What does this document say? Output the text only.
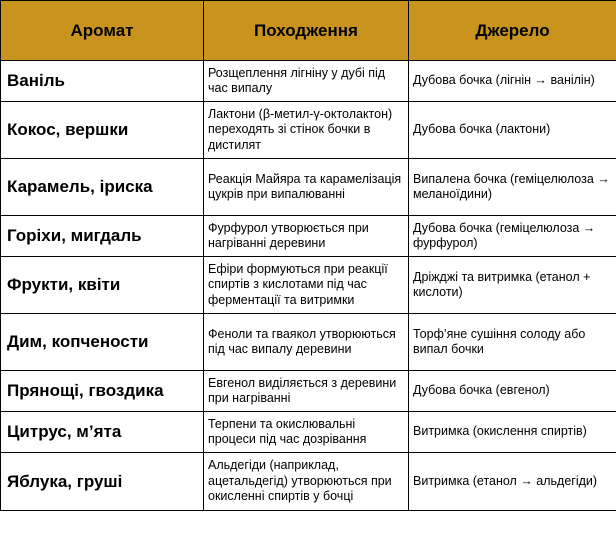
Аромат	Походження	Джерело
Ваніль	Розщеплення лігніну у дубі під час випалу	Дубова бочка (лігнін → ванілін)
Кокос, вершки	Лактони (β-метил-γ-октолактон) переходять зі стінок бочки в дистилят	Дубова бочка (лактони)
Карамель, іриска	Реакція Майяра та карамелізація цукрів при випалюванні	Випалена бочка (геміцелюлоза → меланоїдини)
Горіхи, мигдаль	Фурфурол утворюється при нагріванні деревини	Дубова бочка (геміцелюлоза → фурфурол)
Фрукти, квіти	Ефіри формуються при реакції спиртів з кислотами під час ферментації та витримки	Дріжджі та витримка (етанол + кислоти)
Дим, копчености	Феноли та гваякол утворюються під час випалу деревини	Торф’яне сушіння солоду або випал бочки
Прянощі, гвоздика	Евгенол виділяється з деревини при нагріванні	Дубова бочка (евгенол)
Цитрус, м’ята	Терпени та окислювальні процеси під час дозрівання	Витримка (окислення спиртів)
Яблука, груші	Альдегіди (наприклад, ацетальдегід) утворюються при окисленні спиртів у бочці	Витримка (етанол → альдегіди)
